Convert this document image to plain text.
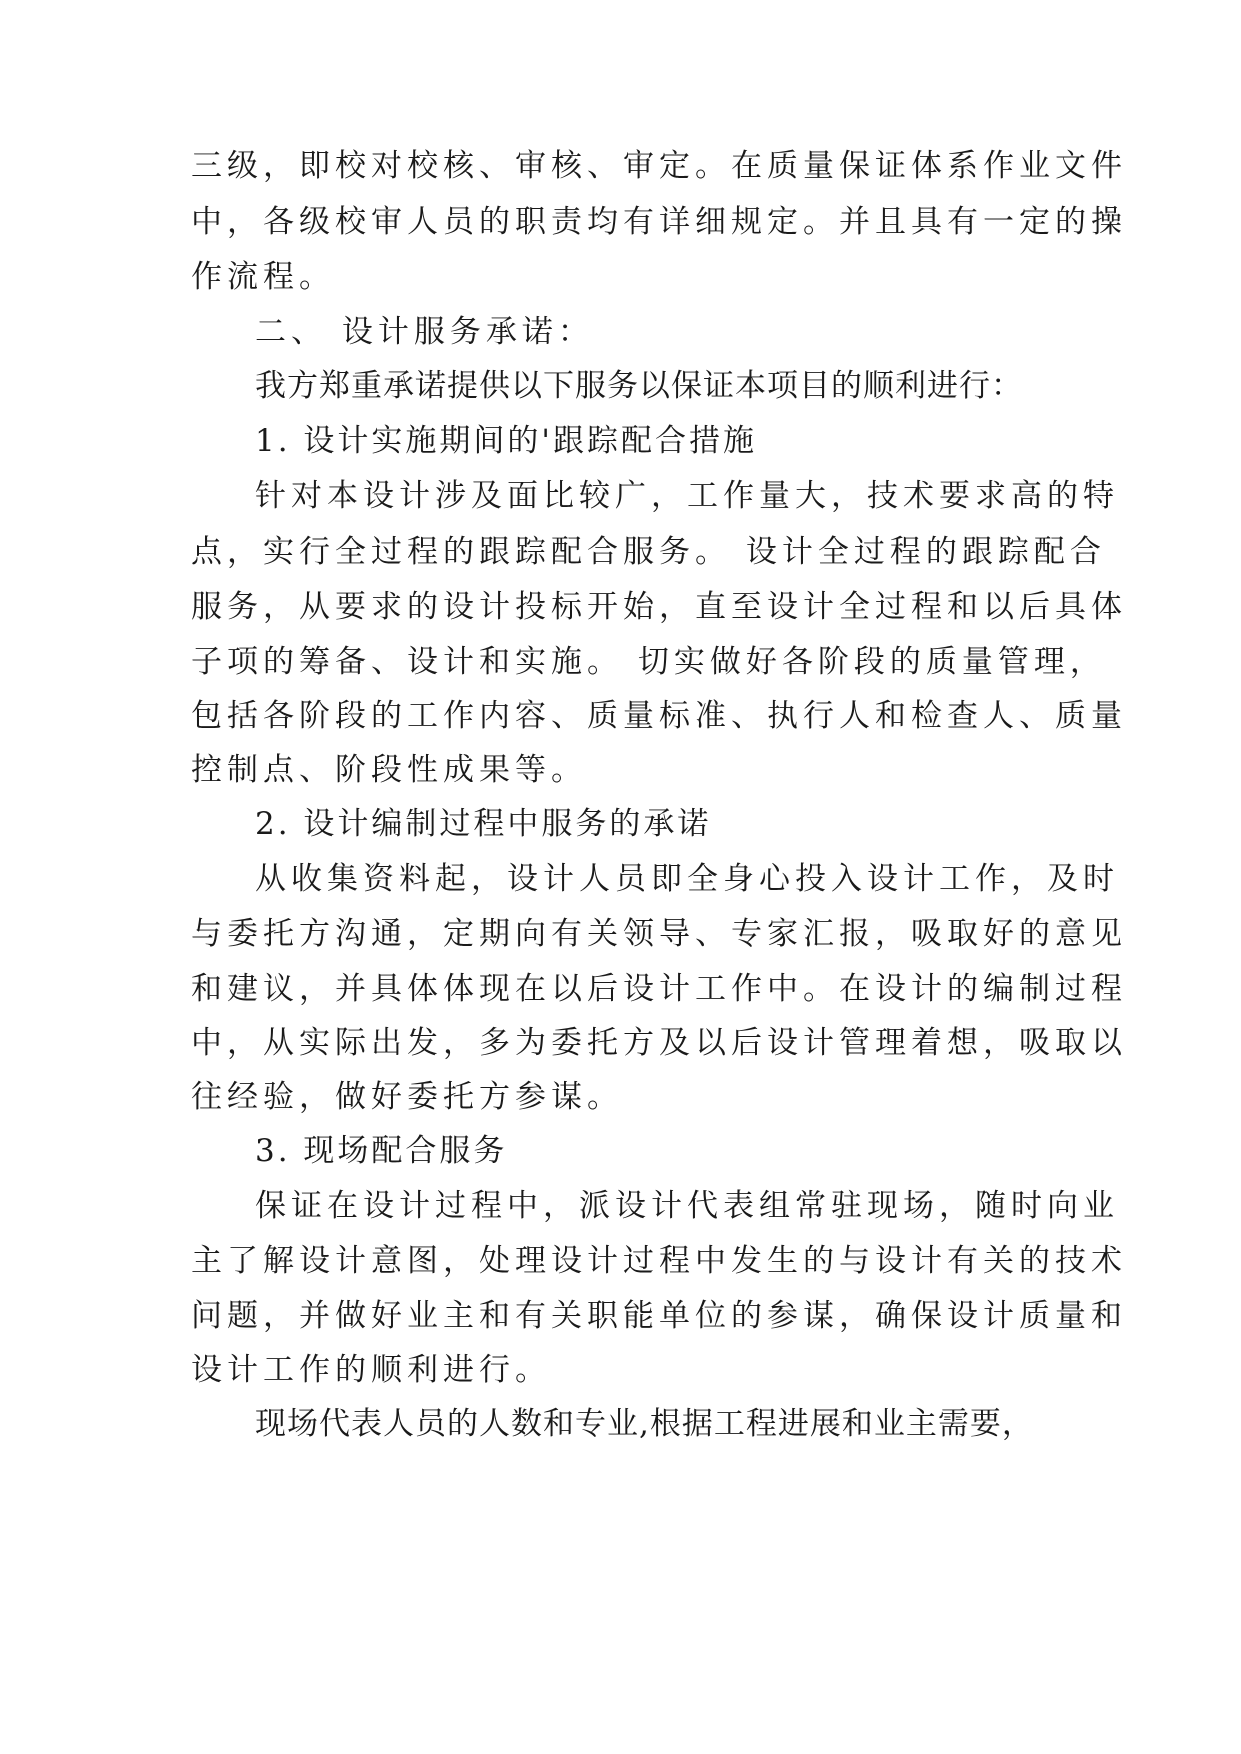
三级，即校对校核、审核、审定。在质量保证体系作业文件
中，各级校审人员的职责均有详细规定。并且具有一定的操
作流程。
二、 设计服务承诺：
我方郑重承诺提供以下服务以保证本项目的顺利进行：
1. 设计实施期间的'跟踪配合措施
针对本设计涉及面比较广，工作量大，技术要求高的特
点，实行全过程的跟踪配合服务。 设计全过程的跟踪配合
服务，从要求的设计投标开始，直至设计全过程和以后具体
子项的筹备、设计和实施。 切实做好各阶段的质量管理，
包括各阶段的工作内容、质量标准、执行人和检查人、质量
控制点、阶段性成果等。
2. 设计编制过程中服务的承诺
从收集资料起，设计人员即全身心投入设计工作，及时
与委托方沟通，定期向有关领导、专家汇报，吸取好的意见
和建议，并具体体现在以后设计工作中。在设计的编制过程
中，从实际出发，多为委托方及以后设计管理着想，吸取以
往经验，做好委托方参谋。
3. 现场配合服务
保证在设计过程中，派设计代表组常驻现场，随时向业
主了解设计意图，处理设计过程中发生的与设计有关的技术
问题，并做好业主和有关职能单位的参谋，确保设计质量和
设计工作的顺利进行。
现场代表人员的人数和专业,根据工程进展和业主需要，
